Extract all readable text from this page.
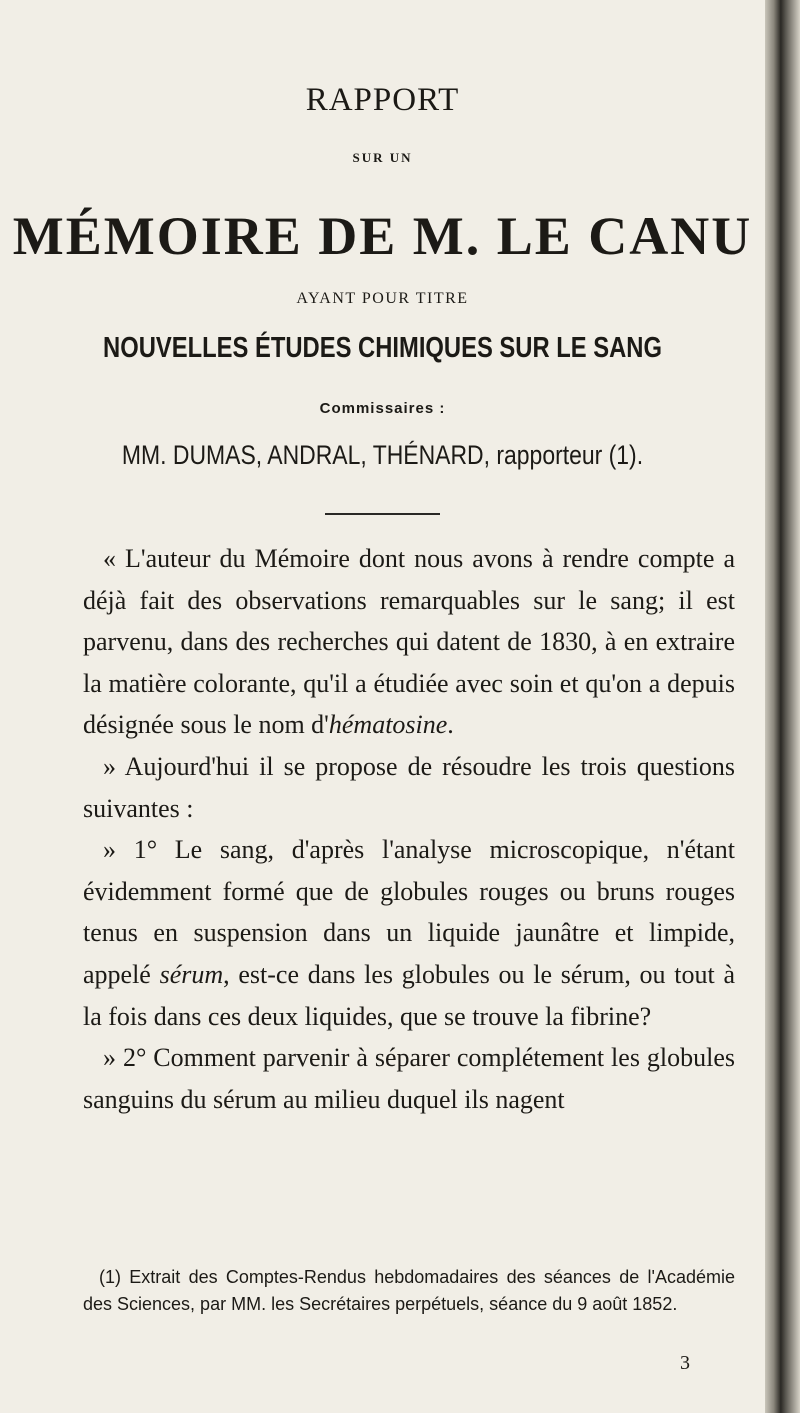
RAPPORT
SUR UN
MÉMOIRE DE M. LE CANU
AYANT POUR TITRE
NOUVELLES ÉTUDES CHIMIQUES SUR LE SANG
Commissaires :
MM. DUMAS, ANDRAL, THÉNARD, rapporteur (1).

« L'auteur du Mémoire dont nous avons à rendre compte a déjà fait des observations remarquables sur le sang; il est parvenu, dans des recherches qui datent de 1830, à en extraire la matière colorante, qu'il a étudiée avec soin et qu'on a depuis désignée sous le nom d'hématosine.

» Aujourd'hui il se propose de résoudre les trois questions suivantes :

» 1° Le sang, d'après l'analyse microscopique, n'étant évidemment formé que de globules rouges ou bruns rouges tenus en suspension dans un liquide jaunâtre et limpide, appelé sérum, est-ce dans les globules ou le sérum, ou tout à la fois dans ces deux liquides, que se trouve la fibrine?

» 2° Comment parvenir à séparer complétement les globules sanguins du sérum au milieu duquel ils nagent

(1) Extrait des Comptes-Rendus hebdomadaires des séances de l'Académie des Sciences, par MM. les Secrétaires perpétuels, séance du 9 août 1852.
3
